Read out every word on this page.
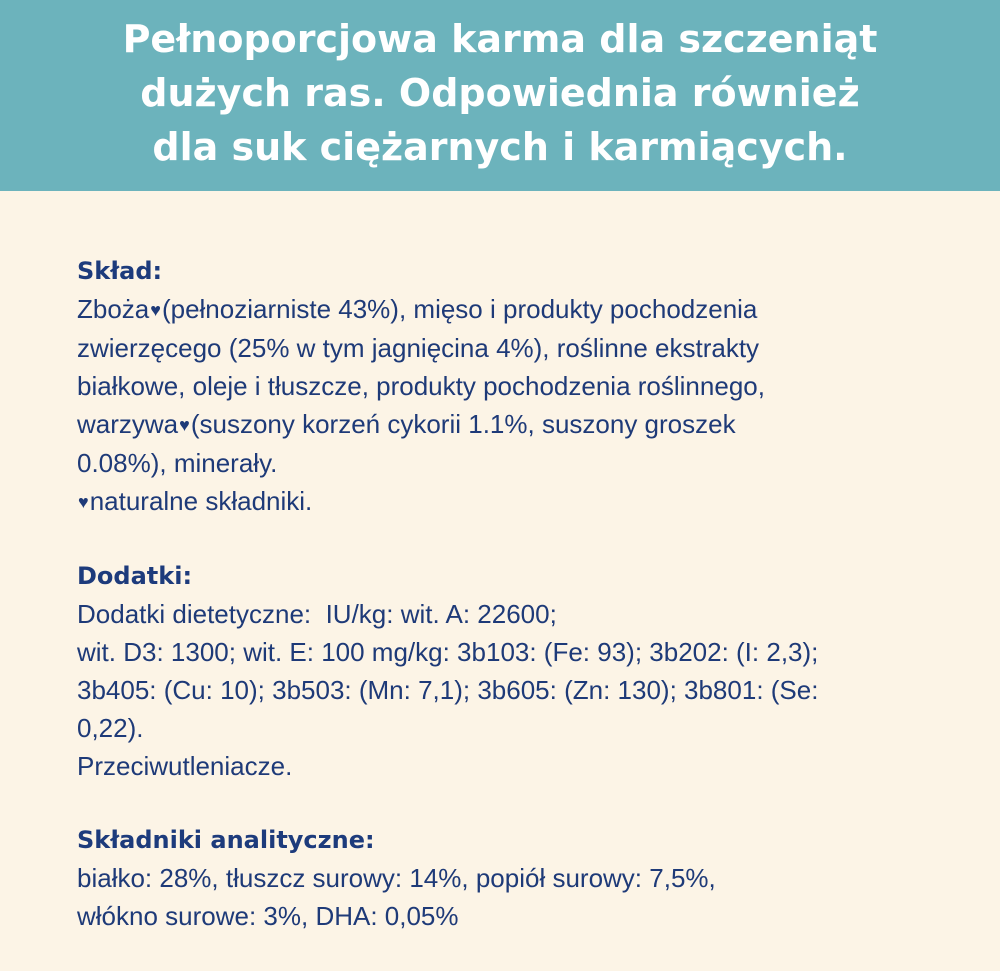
Pełnoporcjowa karma dla szczeniąt
dużych ras. Odpowiednia również
dla suk ciężarnych i karmiących.
Skład:
Zboża♥(pełnoziarniste 43%), mięso i produkty pochodzenia
zwierzęcego (25% w tym jagnięcina 4%), roślinne ekstrakty
białkowe, oleje i tłuszcze, produkty pochodzenia roślinnego,
warzywa♥(suszony korzeń cykorii 1.1%, suszony groszek
0.08%), minerały.
♥naturalne składniki.
Dodatki:
Dodatki dietetyczne:  IU/kg: wit. A: 22600;
wit. D3: 1300; wit. E: 100 mg/kg: 3b103: (Fe: 93); 3b202: (I: 2,3);
3b405: (Cu: 10); 3b503: (Mn: 7,1); 3b605: (Zn: 130); 3b801: (Se:
0,22).
Przeciwutleniacze.
Składniki analityczne:
białko: 28%, tłuszcz surowy: 14%, popiół surowy: 7,5%,
włókno surowe: 3%, DHA: 0,05%
